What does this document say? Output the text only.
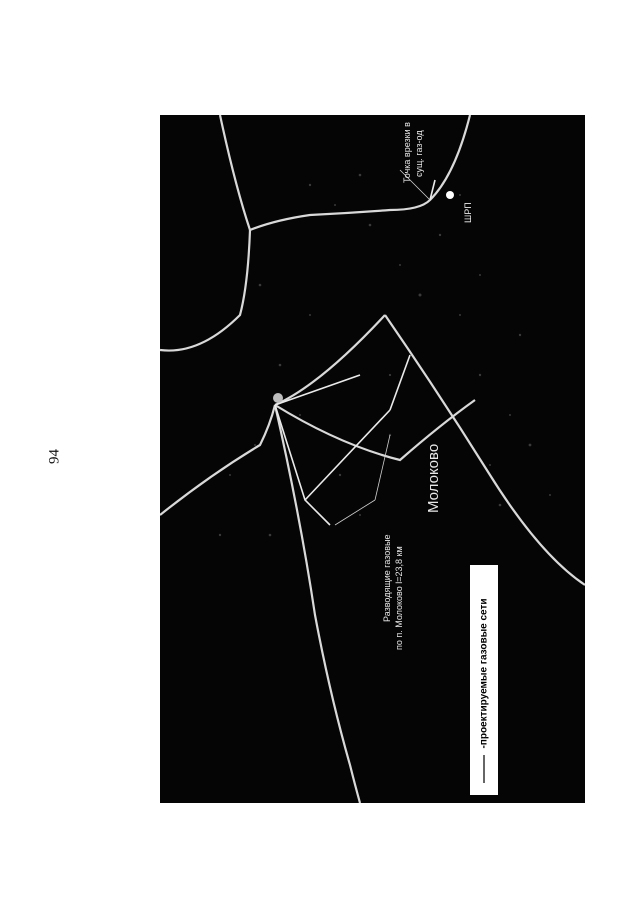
94	Молоково
Разводящие газовые по п. Молоково l=23,8 км
Точка врезки в сущ. газ-од
ШРП
-проектируемые газовые сети
